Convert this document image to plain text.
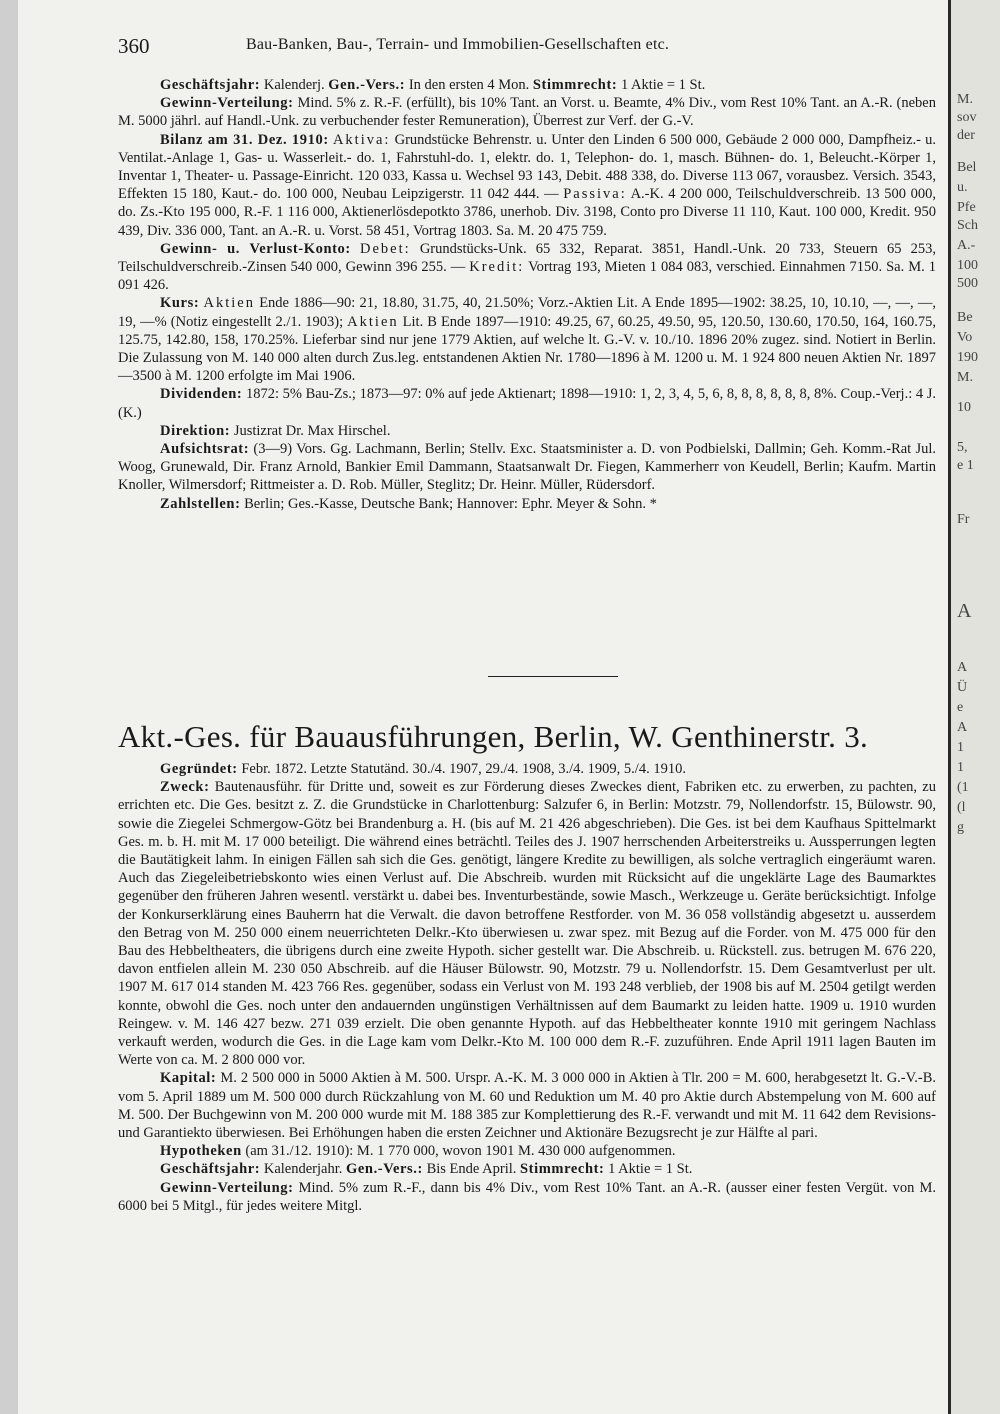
360	Bau-Banken, Bau-, Terrain- und Immobilien-Gesellschaften etc.

Geschäftsjahr: Kalenderj. Gen.-Vers.: In den ersten 4 Mon. Stimmrecht: 1 Aktie = 1 St.

Gewinn-Verteilung: Mind. 5% z. R.-F. (erfüllt), bis 10% Tant. an Vorst. u. Beamte, 4% Div., vom Rest 10% Tant. an A.-R. (neben M. 5000 jährl. auf Handl.-Unk. zu verbuchender fester Remuneration), Überrest zur Verf. der G.-V.

Bilanz am 31. Dez. 1910: Aktiva: Grundstücke Behrenstr. u. Unter den Linden 6 500 000, Gebäude 2 000 000, Dampfheiz.- u. Ventilat.-Anlage 1, Gas- u. Wasserleit.- do. 1, Fahrstuhl-do. 1, elektr. do. 1, Telephon- do. 1, masch. Bühnen- do. 1, Beleucht.-Körper 1, Inventar 1, Theater- u. Passage-Einricht. 120 033, Kassa u. Wechsel 93 143, Debit. 488 338, do. Diverse 113 067, vorausbez. Versich. 3543, Effekten 15 180, Kaut.- do. 100 000, Neubau Leipzigerstr. 11 042 444. — Passiva: A.-K. 4 200 000, Teilschuldverschreib. 13 500 000, do. Zs.-Kto 195 000, R.-F. 1 116 000, Aktienerlösdepotkto 3786, unerhob. Div. 3198, Conto pro Diverse 11 110, Kaut. 100 000, Kredit. 950 439, Div. 336 000, Tant. an A.-R. u. Vorst. 58 451, Vortrag 1803. Sa. M. 20 475 759.

Gewinn- u. Verlust-Konto: Debet: Grundstücks-Unk. 65 332, Reparat. 3851, Handl.-Unk. 20 733, Steuern 65 253, Teilschuldverschreib.-Zinsen 540 000, Gewinn 396 255. — Kredit: Vortrag 193, Mieten 1 084 083, verschied. Einnahmen 7150. Sa. M. 1 091 426.

Kurs: Aktien Ende 1886—90: 21, 18.80, 31.75, 40, 21.50%; Vorz.-Aktien Lit. A Ende 1895—1902: 38.25, 10, 10.10, —, —, —, 19, —% (Notiz eingestellt 2./1. 1903); Aktien Lit. B Ende 1897—1910: 49.25, 67, 60.25, 49.50, 95, 120.50, 130.60, 170.50, 164, 160.75, 125.75, 142.80, 158, 170.25%. Lieferbar sind nur jene 1779 Aktien, auf welche lt. G.-V. v. 10./10. 1896 20% zugez. sind. Notiert in Berlin. Die Zulassung von M. 140 000 alten durch Zus.leg. entstandenen Aktien Nr. 1780—1896 à M. 1200 u. M. 1 924 800 neuen Aktien Nr. 1897—3500 à M. 1200 erfolgte im Mai 1906.

Dividenden: 1872: 5% Bau-Zs.; 1873—97: 0% auf jede Aktienart; 1898—1910: 1, 2, 3, 4, 5, 6, 8, 8, 8, 8, 8, 8, 8%. Coup.-Verj.: 4 J. (K.)

Direktion: Justizrat Dr. Max Hirschel.

Aufsichtsrat: (3—9) Vors. Gg. Lachmann, Berlin; Stellv. Exc. Staatsminister a. D. von Podbielski, Dallmin; Geh. Komm.-Rat Jul. Woog, Grunewald, Dir. Franz Arnold, Bankier Emil Dammann, Staatsanwalt Dr. Fiegen, Kammerherr von Keudell, Berlin; Kaufm. Martin Knoller, Wilmersdorf; Rittmeister a. D. Rob. Müller, Steglitz; Dr. Heinr. Müller, Rüdersdorf.

Zahlstellen: Berlin; Ges.-Kasse, Deutsche Bank; Hannover: Ephr. Meyer & Sohn. *

Akt.-Ges. für Bauausführungen, Berlin, W. Genthinerstr. 3.

Gegründet: Febr. 1872. Letzte Statutänd. 30./4. 1907, 29./4. 1908, 3./4. 1909, 5./4. 1910.

Zweck: Bautenausführ. für Dritte und, soweit es zur Förderung dieses Zweckes dient, Fabriken etc. zu erwerben, zu pachten, zu errichten etc. Die Ges. besitzt z. Z. die Grundstücke in Charlottenburg: Salzufer 6, in Berlin: Motzstr. 79, Nollendorfstr. 15, Bülowstr. 90, sowie die Ziegelei Schmergow-Götz bei Brandenburg a. H. (bis auf M. 21 426 abgeschrieben). Die Ges. ist bei dem Kaufhaus Spittelmarkt Ges. m. b. H. mit M. 17 000 beteiligt. Die während eines beträchtl. Teiles des J. 1907 herrschenden Arbeiterstreiks u. Aussperrungen legten die Bautätigkeit lahm. In einigen Fällen sah sich die Ges. genötigt, längere Kredite zu bewilligen, als solche vertraglich eingeräumt waren. Auch das Ziegeleibetriebskonto wies einen Verlust auf. Die Abschreib. wurden mit Rücksicht auf die ungeklärte Lage des Baumarktes gegenüber den früheren Jahren wesentl. verstärkt u. dabei bes. Inventurbestände, sowie Masch., Werkzeuge u. Geräte berücksichtigt. Infolge der Konkurserklärung eines Bauherrn hat die Verwalt. die davon betroffene Restforder. von M. 36 058 vollständig abgesetzt u. ausserdem den Betrag von M. 250 000 einem neuerrichteten Delkr.-Kto überwiesen u. zwar spez. mit Bezug auf die Forder. von M. 475 000 für den Bau des Hebbeltheaters, die übrigens durch eine zweite Hypoth. sicher gestellt war. Die Abschreib. u. Rückstell. zus. betrugen M. 676 220, davon entfielen allein M. 230 050 Abschreib. auf die Häuser Bülowstr. 90, Motzstr. 79 u. Nollendorfstr. 15. Dem Gesamtverlust per ult. 1907 M. 617 014 standen M. 423 766 Res. gegenüber, sodass ein Verlust von M. 193 248 verblieb, der 1908 bis auf M. 2504 getilgt werden konnte, obwohl die Ges. noch unter den andauernden ungünstigen Verhältnissen auf dem Baumarkt zu leiden hatte. 1909 u. 1910 wurden Reingew. v. M. 146 427 bezw. 271 039 erzielt. Die oben genannte Hypoth. auf das Hebbeltheater konnte 1910 mit geringem Nachlass verkauft werden, wodurch die Ges. in die Lage kam vom Delkr.-Kto M. 100 000 dem R.-F. zuzuführen. Ende April 1911 lagen Bauten im Werte von ca. M. 2 800 000 vor.

Kapital: M. 2 500 000 in 5000 Aktien à M. 500. Urspr. A.-K. M. 3 000 000 in Aktien à Tlr. 200 = M. 600, herabgesetzt lt. G.-V.-B. vom 5. April 1889 um M. 500 000 durch Rückzahlung von M. 60 und Reduktion um M. 40 pro Aktie durch Abstempelung von M. 600 auf M. 500. Der Buchgewinn von M. 200 000 wurde mit M. 188 385 zur Komplettierung des R.-F. verwandt und mit M. 11 642 dem Revisions- und Garantiekto überwiesen. Bei Erhöhungen haben die ersten Zeichner und Aktionäre Bezugsrecht je zur Hälfte al pari.

Hypotheken (am 31./12. 1910): M. 1 770 000, wovon 1901 M. 430 000 aufgenommen.

Geschäftsjahr: Kalenderjahr. Gen.-Vers.: Bis Ende April. Stimmrecht: 1 Aktie = 1 St.

Gewinn-Verteilung: Mind. 5% zum R.-F., dann bis 4% Div., vom Rest 10% Tant. an A.-R. (ausser einer festen Vergüt. von M. 6000 bei 5 Mitgl., für jedes weitere Mitgl.

M.
sov
der
Bel
u.
Pfe
Sch
A.-
100
500
Be
Vo
190
M.
10
5,
e 1
Fr
A
A
Ü
e
A
1
1
(1
(l
g
